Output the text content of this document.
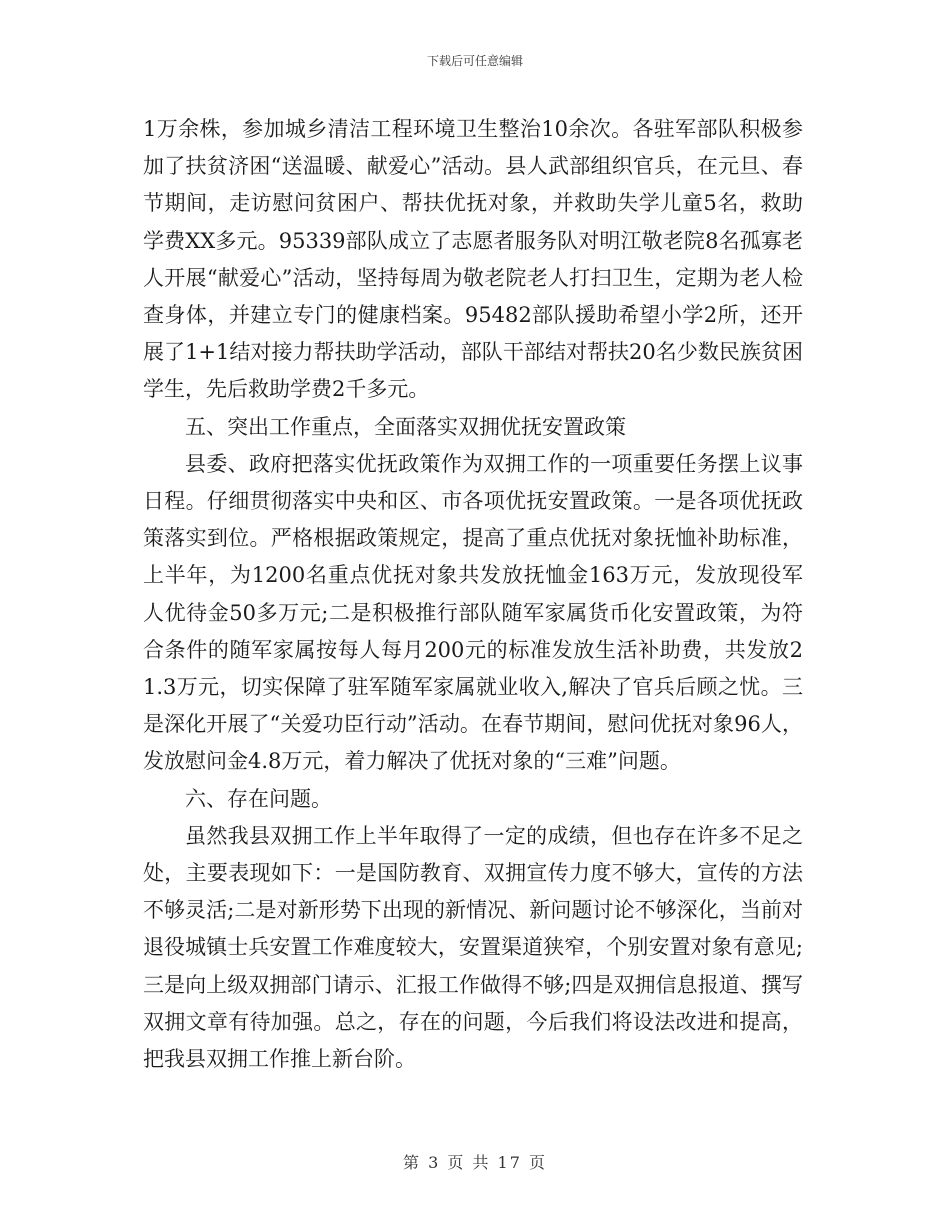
下载后可任意编辑

1万余株，参加城乡清洁工程环境卫生整治10余次。各驻军部队积极参加了扶贫济困“送温暖、献爱心”活动。县人武部组织官兵，在元旦、春节期间，走访慰问贫困户、帮扶优抚对象，并救助失学儿童5名，救助学费XX多元。95339部队成立了志愿者服务队对明江敬老院8名孤寡老人开展“献爱心”活动，坚持每周为敬老院老人打扫卫生，定期为老人检查身体，并建立专门的健康档案。95482部队援助希望小学2所，还开展了1+1结对接力帮扶助学活动，部队干部结对帮扶20名少数民族贫困学生，先后救助学费2千多元。

五、突出工作重点，全面落实双拥优抚安置政策

县委、政府把落实优抚政策作为双拥工作的一项重要任务摆上议事日程。仔细贯彻落实中央和区、市各项优抚安置政策。一是各项优抚政策落实到位。严格根据政策规定，提高了重点优抚对象抚恤补助标准，上半年，为1200名重点优抚对象共发放抚恤金163万元，发放现役军人优待金50多万元;二是积极推行部队随军家属货币化安置政策，为符合条件的随军家属按每人每月200元的标准发放生活补助费，共发放21.3万元，切实保障了驻军随军家属就业收入,解决了官兵后顾之忧。三是深化开展了“关爱功臣行动”活动。在春节期间，慰问优抚对象96人，发放慰问金4.8万元，着力解决了优抚对象的“三难”问题。

六、存在问题。

虽然我县双拥工作上半年取得了一定的成绩，但也存在许多不足之处，主要表现如下：一是国防教育、双拥宣传力度不够大，宣传的方法不够灵活;二是对新形势下出现的新情况、新问题讨论不够深化，当前对退役城镇士兵安置工作难度较大，安置渠道狭窄，个别安置对象有意见;三是向上级双拥部门请示、汇报工作做得不够;四是双拥信息报道、撰写双拥文章有待加强。总之，存在的问题，今后我们将设法改进和提高，把我县双拥工作推上新台阶。

第 3 页 共 17 页
